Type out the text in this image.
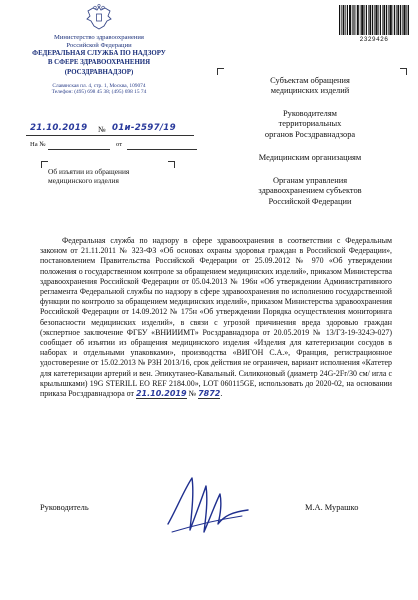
Министерство здравоохранения
Российской Федерации
ФЕДЕРАЛЬНАЯ СЛУЖБА ПО НАДЗОРУ
В СФЕРЕ ЗДРАВООХРАНЕНИЯ
(РОСЗДРАВНАДЗОР)
Славянская пл. 4, стр. 1, Москва, 109074
Телефон: (495) 698 45 38; (495) 698 15 74
2329426
21.10.2019 № 01и-2597/19
На №	от
Об изъятии из обращения
медицинского изделия
Субъектам обращения
медицинских изделий
Руководителям
территориальных
органов Росздравнадзора
Медицинским организациям
Органам управления
здравоохранением субъектов
Российской Федерации

Федеральная служба по надзору в сфере здравоохранения в соответствии с Федеральным законом от 21.11.2011 № 323-ФЗ «Об основах охраны здоровья граждан в Российской Федерации», постановлением Правительства Российской Федерации от 25.09.2012 № 970 «Об утверждении положения о государственном контроле за обращением медицинских изделий», приказом Министерства здравоохранения Российской Федерации от 05.04.2013 № 196н «Об утверждении Административного регламента Федеральной службы по надзору в сфере здравоохранения по исполнению государственной функции по контролю за обращением медицинских изделий», приказом Министерства здравоохранения Российской Федерации от 14.09.2012 № 175н «Об утверждении Порядка осуществления мониторинга безопасности медицинских изделий», в связи с угрозой причинения вреда здоровью граждан (экспертное заключение ФГБУ «ВНИИИМТ» Росздравнадзора от 20.05.2019 № 13/ГЗ-19-324Э-027) сообщает об изъятии из обращения медицинского изделия «Изделия для катетеризации сосудов в наборах и отдельными упаковками», производства «ВИГОН С.А.», Франция, регистрационное удостоверение от 15.02.2013 № РЗН 2013/16, срок действия не ограничен, вариант исполнения «Катетер для катетеризации артерий и вен. Эпикутанео-Кавальный. Силиконовый (диаметр 24G-2Fr/30 см/ игла с крылышками) 19G STERILL EO REF 2184.00», LOT 060115GE, использовать до 2020-02, на основании приказа Росздравнадзора от 21.10.2019 № 7872.

Руководитель	М.А. Мурашко
